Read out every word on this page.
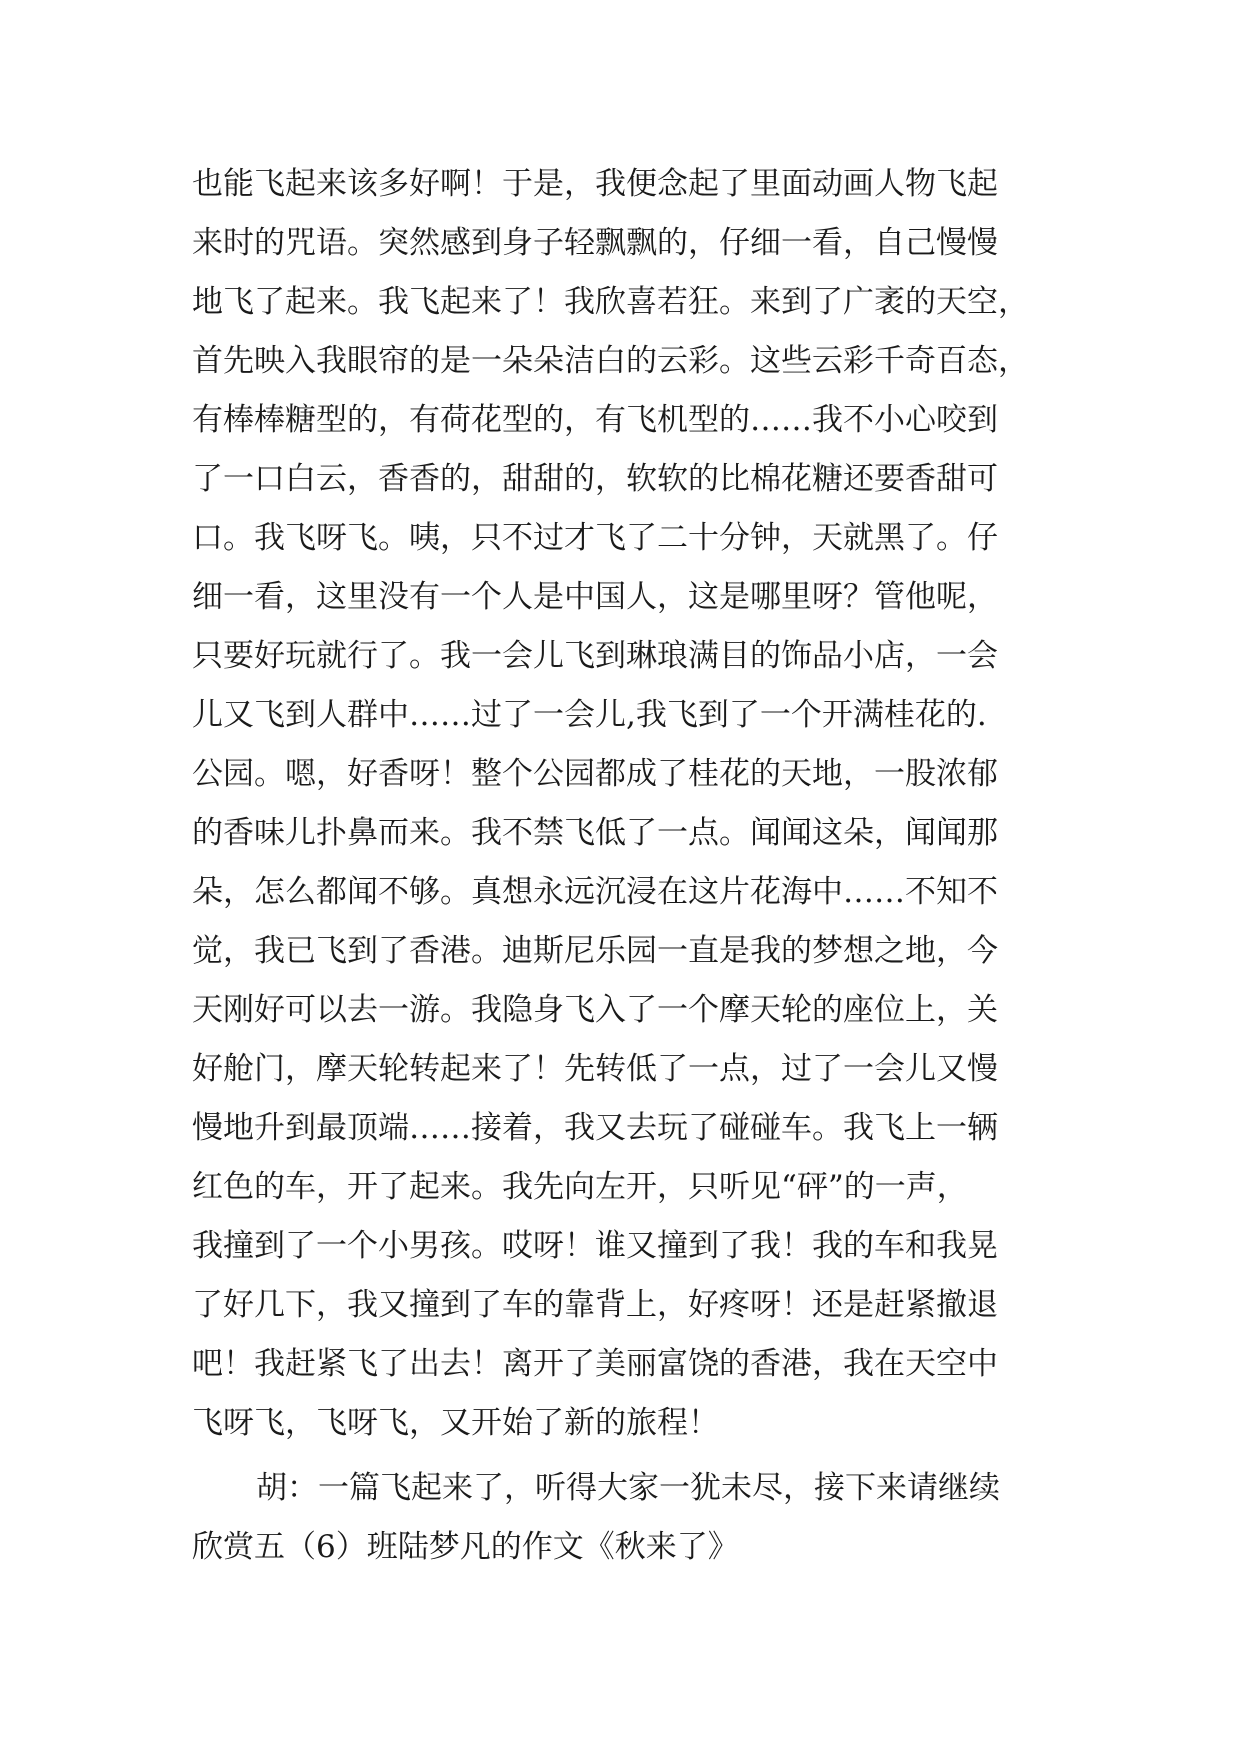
也能飞起来该多好啊！于是，我便念起了里面动画人物飞起
来时的咒语。突然感到身子轻飘飘的，仔细一看，自己慢慢
地飞了起来。我飞起来了！我欣喜若狂。来到了广袤的天空，
首先映入我眼帘的是一朵朵洁白的云彩。这些云彩千奇百态，
有棒棒糖型的，有荷花型的，有飞机型的……我不小心咬到
了一口白云，香香的，甜甜的，软软的比棉花糖还要香甜可
口。我飞呀飞。咦，只不过才飞了二十分钟，天就黑了。仔
细一看，这里没有一个人是中国人，这是哪里呀？管他呢，
只要好玩就行了。我一会儿飞到琳琅满目的饰品小店，一会
儿又飞到人群中……过了一会儿,我飞到了一个开满桂花的.
公园。嗯，好香呀！整个公园都成了桂花的天地，一股浓郁
的香味儿扑鼻而来。我不禁飞低了一点。闻闻这朵，闻闻那
朵，怎么都闻不够。真想永远沉浸在这片花海中……不知不
觉，我已飞到了香港。迪斯尼乐园一直是我的梦想之地，今
天刚好可以去一游。我隐身飞入了一个摩天轮的座位上，关
好舱门，摩天轮转起来了！先转低了一点，过了一会儿又慢
慢地升到最顶端……接着，我又去玩了碰碰车。我飞上一辆
红色的车，开了起来。我先向左开，只听见“砰”的一声，
我撞到了一个小男孩。哎呀！谁又撞到了我！我的车和我晃
了好几下，我又撞到了车的靠背上，好疼呀！还是赶紧撤退
吧！我赶紧飞了出去！离开了美丽富饶的香港，我在天空中
飞呀飞，飞呀飞，又开始了新的旅程！
胡：一篇飞起来了，听得大家一犹未尽，接下来请继续
欣赏五（6）班陆梦凡的作文《秋来了》
